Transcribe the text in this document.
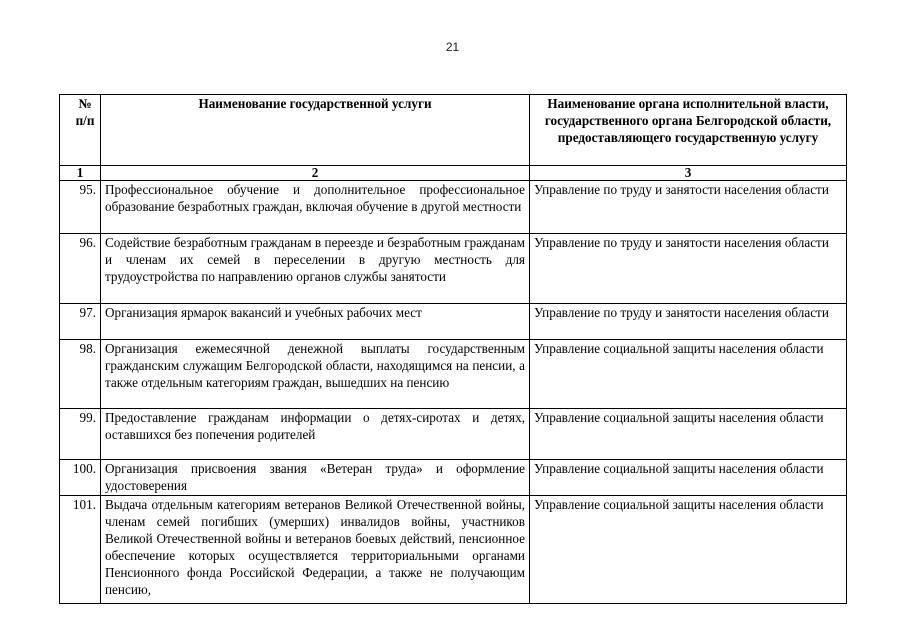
21
№ п/п	Наименование государственной услуги	Наименование органа исполнительной власти, государственного органа Белгородской области, предоставляющего государственную услугу
1	2	3
95.	Профессиональное обучение и дополнительное профессиональное образование безработных граждан, включая обучение в другой местности	Управление по труду и занятости населения области
96.	Содействие безработным гражданам в переезде и безработным гражданам и членам их семей в переселении в другую местность для трудоустройства по направлению органов службы занятости	Управление по труду и занятости населения области
97.	Организация ярмарок вакансий и учебных рабочих мест	Управление по труду и занятости населения области
98.	Организация ежемесячной денежной выплаты государственным гражданским служащим Белгородской области, находящимся на пенсии, а также отдельным категориям граждан, вышедших на пенсию	Управление социальной защиты населения области
99.	Предоставление гражданам информации о детях-сиротах и детях, оставшихся без попечения родителей	Управление социальной защиты населения области
100.	Организация присвоения звания «Ветеран труда» и оформление удостоверения	Управление социальной защиты населения области
101.	Выдача отдельным категориям ветеранов Великой Отечественной войны, членам семей погибших (умерших) инвалидов войны, участников Великой Отечественной войны и ветеранов боевых действий, пенсионное обеспечение которых осуществляется территориальными органами Пенсионного фонда Российской Федерации, а также не получающим пенсию,	Управление социальной защиты населения области
